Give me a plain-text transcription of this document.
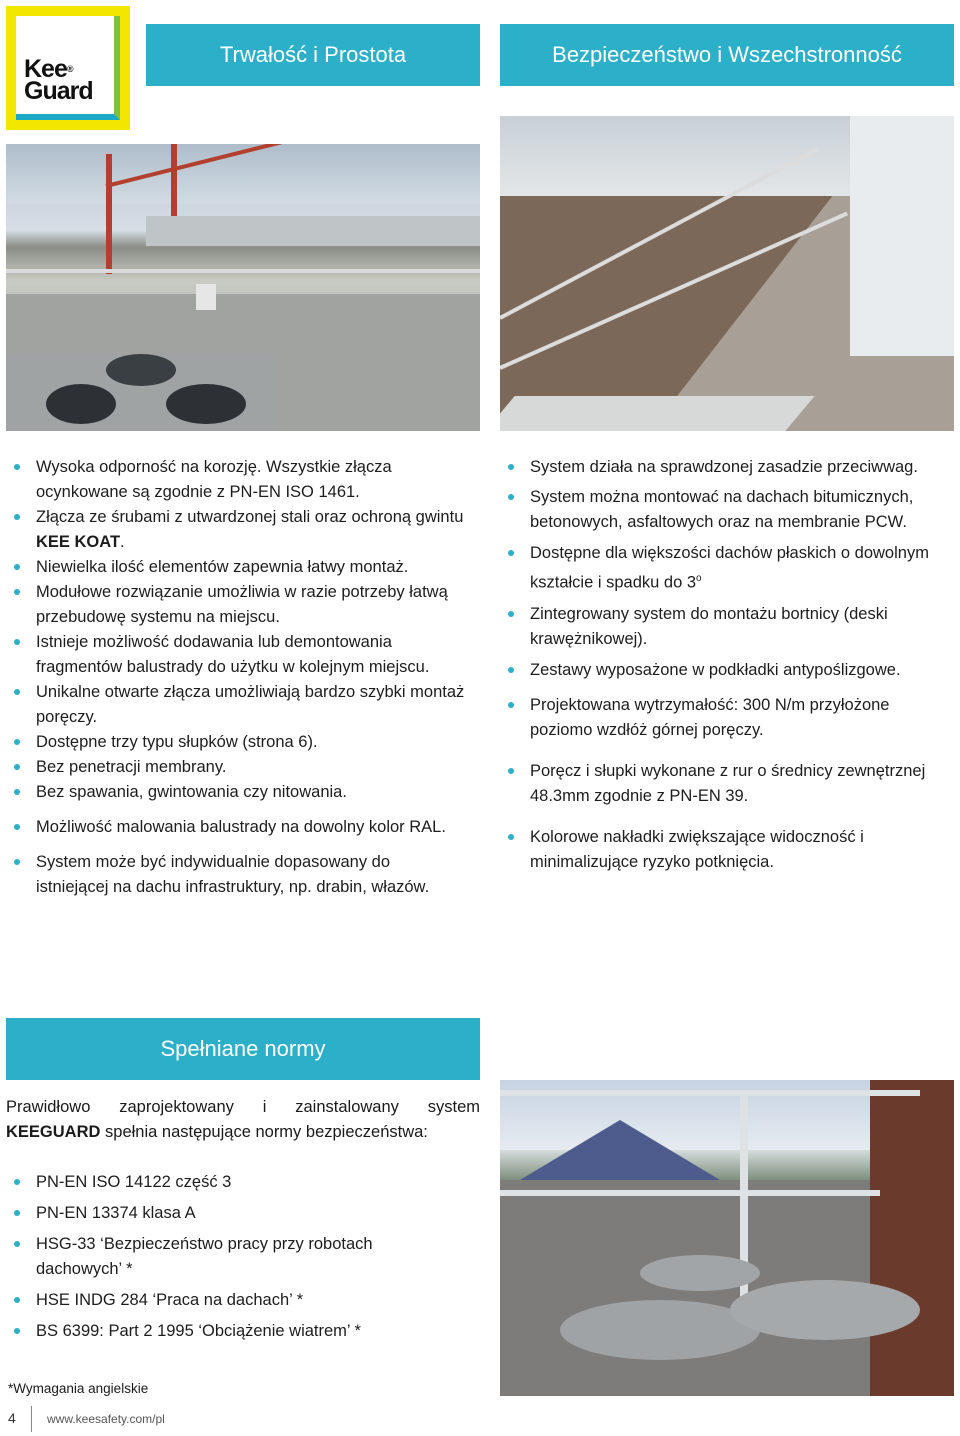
Kee®
Guard
Trwałość i Prostota	Bezpieczeństwo i Wszechstronność
Wysoka odporność na korozję. Wszystkie złącza ocynkowane są zgodnie z PN-EN ISO 1461.
Złącza ze śrubami z utwardzonej stali oraz ochroną gwintu KEE KOAT.
Niewielka ilość elementów zapewnia łatwy montaż.
Modułowe rozwiązanie umożliwia w razie potrzeby łatwą przebudowę systemu na miejscu.
Istnieje możliwość dodawania lub demontowania fragmentów balustrady do użytku w kolejnym miejscu.
Unikalne otwarte złącza umożliwiają bardzo szybki montaż poręczy.
Dostępne trzy typu słupków (strona 6).
Bez penetracji membrany.
Bez spawania, gwintowania czy nitowania.
Możliwość malowania balustrady na dowolny kolor RAL.
System może być indywidualnie dopasowany do istniejącej na dachu infrastruktury, np. drabin, włazów.
System działa na sprawdzonej zasadzie przeciwwag.
System można montować na dachach bitumicznych, betonowych, asfaltowych oraz na membranie PCW.
Dostępne dla większości dachów płaskich o dowolnym kształcie i spadku do 3$^o$
Zintegrowany system do montażu bortnicy (deski krawężnikowej).
Zestawy wyposażone w podkładki antypoślizgowe.
Projektowana wytrzymałość: 300 N/m przyłożone poziomo wzdłóż górnej poręczy.
Poręcz i słupki wykonane z rur o średnicy zewnętrznej 48.3mm zgodnie z PN-EN 39.
Kolorowe nakładki zwiększające widoczność i minimalizujące ryzyko potknięcia.
Spełniane normy
Prawidłowo zaprojektowany i zainstalowany system
KEEGUARD spełnia następujące normy bezpieczeństwa:
PN-EN ISO 14122 część 3
PN-EN 13374 klasa A
HSG-33 ‘Bezpieczeństwo pracy przy robotach dachowych’ *
HSE INDG 284 ‘Praca na dachach’ *
BS 6399: Part 2 1995 ‘Obciążenie wiatrem’ *
*Wymagania angielskie
4	www.keesafety.com/pl
